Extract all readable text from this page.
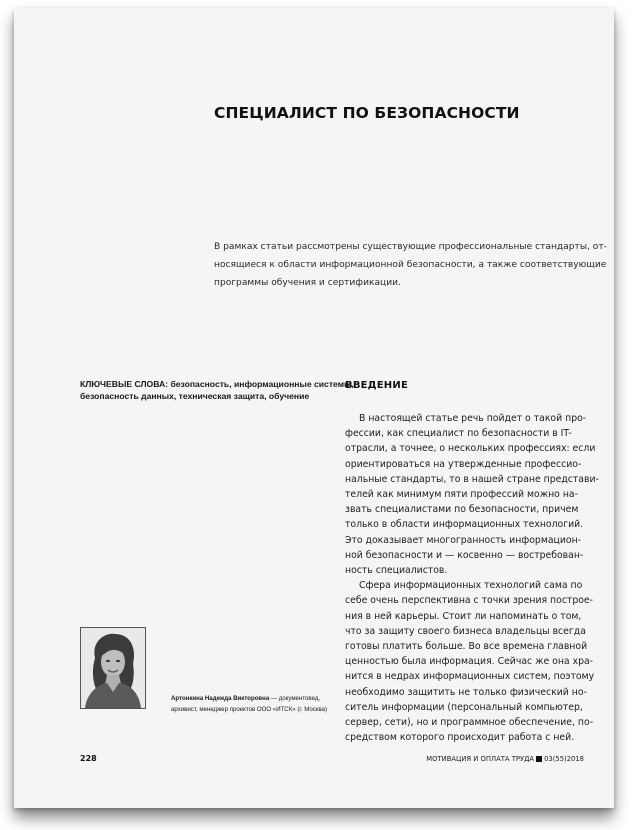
СПЕЦИАЛИСТ ПО БЕЗОПАСНОСТИ
В рамках статьи рассмотрены существующие профессиональные стандарты, от-
носящиеся к области информационной безопасности, а также соответствующие
программы обучения и сертификации.
КЛЮЧЕВЫЕ СЛОВА: безопасность, информационные системы,
безопасность данных, техническая защита, обучение
ВВЕДЕНИЕ
В настоящей статье речь пойдет о такой про-
фессии, как специалист по безопасности в IT-
отрасли, а точнее, о нескольких профессиях: если
ориентироваться на утвержденные профессио-
нальные стандарты, то в нашей стране представи-
телей как минимум пяти профессий можно на-
звать специалистами по безопасности, причем
только в области информационных технологий.
Это доказывает многогранность информацион-
ной безопасности и — косвенно — востребован-
ность специалистов.
Сфера информационных технологий сама по
себе очень перспективна с точки зрения построе-
ния в ней карьеры. Стоит ли напоминать о том,
что за защиту своего бизнеса владельцы всегда
готовы платить больше. Во все времена главной
ценностью была информация. Сейчас же она хра-
нится в недрах информационных систем, поэтому
необходимо защитить не только физический но-
ситель информации (персональный компьютер,
сервер, сети), но и программное обеспечение, по-
средством которого происходит работа с ней.
Артонкина Надежда Викторовна — документовед,
архивист, менеджер проектов ООО «ИТСК» (г. Москва)
228	МОТИВАЦИЯ И ОПЛАТА ТРУДА 03(55)2018
